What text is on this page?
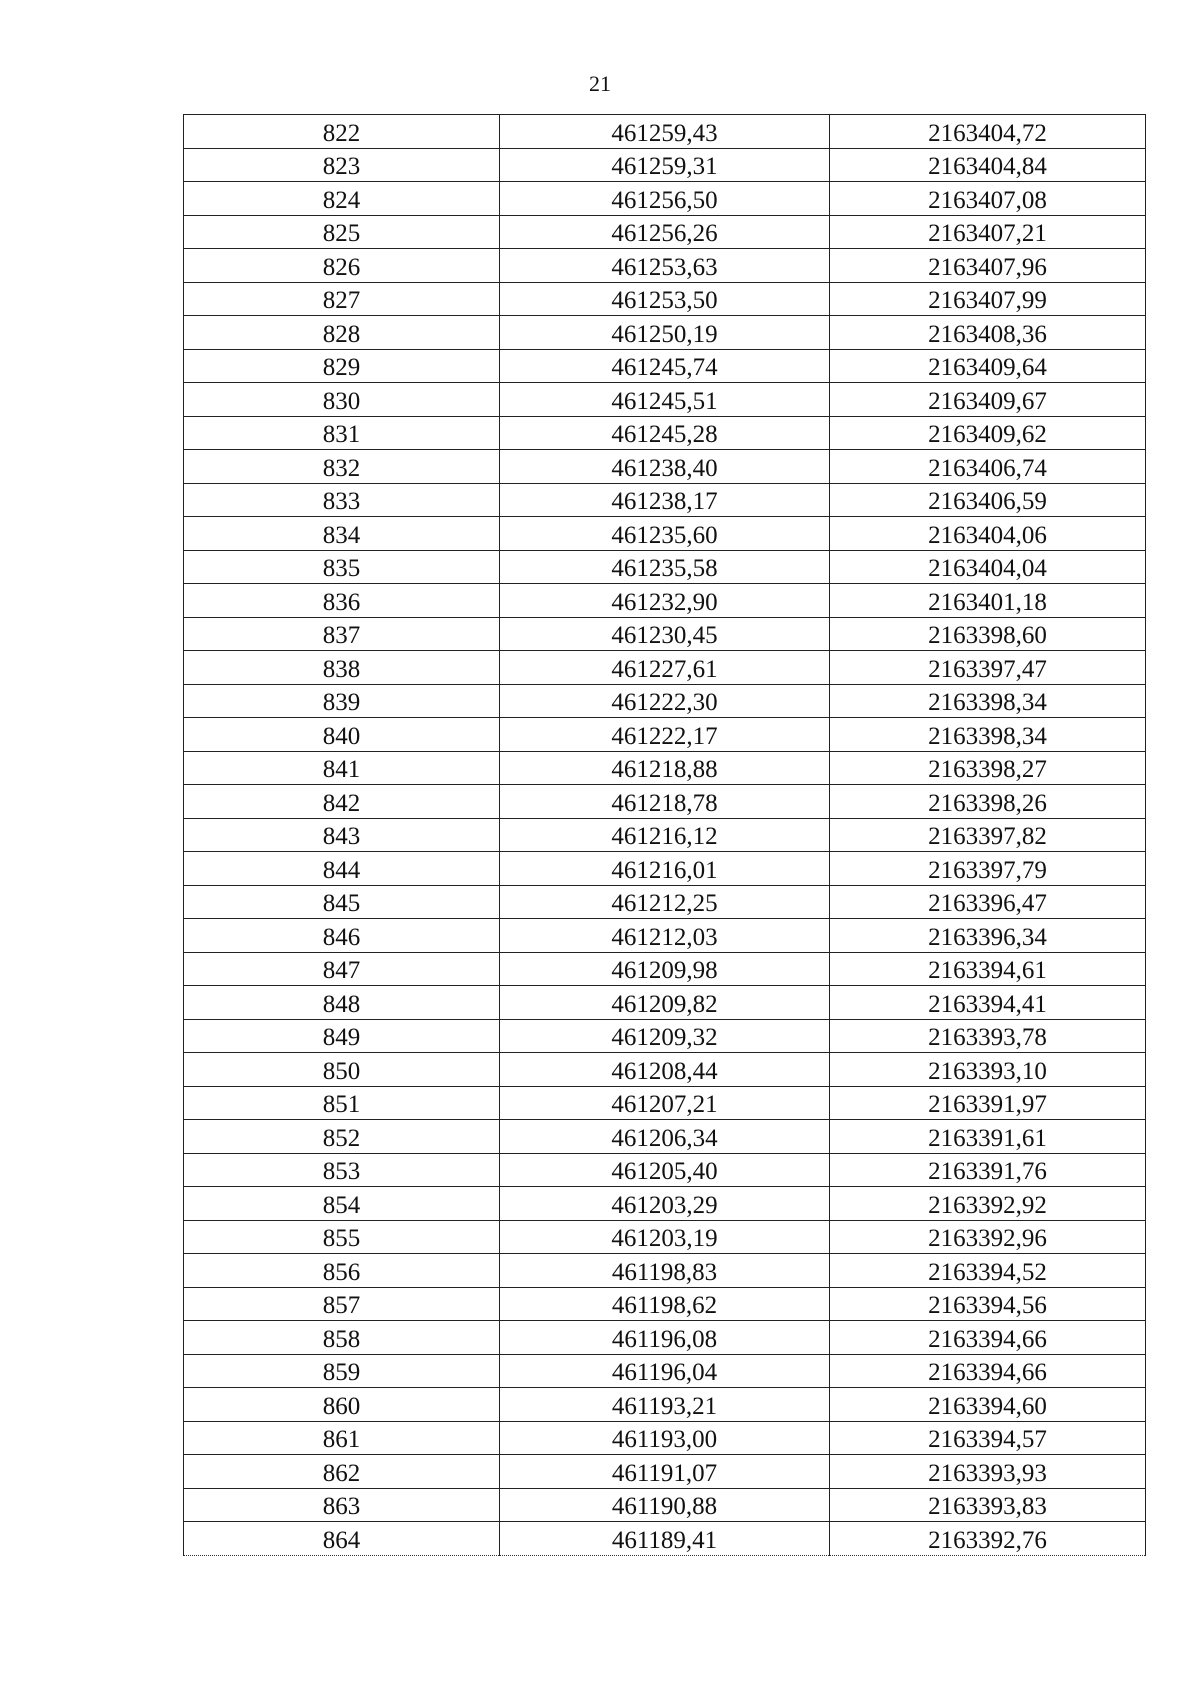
21
822	461259,43	2163404,72
823	461259,31	2163404,84
824	461256,50	2163407,08
825	461256,26	2163407,21
826	461253,63	2163407,96
827	461253,50	2163407,99
828	461250,19	2163408,36
829	461245,74	2163409,64
830	461245,51	2163409,67
831	461245,28	2163409,62
832	461238,40	2163406,74
833	461238,17	2163406,59
834	461235,60	2163404,06
835	461235,58	2163404,04
836	461232,90	2163401,18
837	461230,45	2163398,60
838	461227,61	2163397,47
839	461222,30	2163398,34
840	461222,17	2163398,34
841	461218,88	2163398,27
842	461218,78	2163398,26
843	461216,12	2163397,82
844	461216,01	2163397,79
845	461212,25	2163396,47
846	461212,03	2163396,34
847	461209,98	2163394,61
848	461209,82	2163394,41
849	461209,32	2163393,78
850	461208,44	2163393,10
851	461207,21	2163391,97
852	461206,34	2163391,61
853	461205,40	2163391,76
854	461203,29	2163392,92
855	461203,19	2163392,96
856	461198,83	2163394,52
857	461198,62	2163394,56
858	461196,08	2163394,66
859	461196,04	2163394,66
860	461193,21	2163394,60
861	461193,00	2163394,57
862	461191,07	2163393,93
863	461190,88	2163393,83
864	461189,41	2163392,76
